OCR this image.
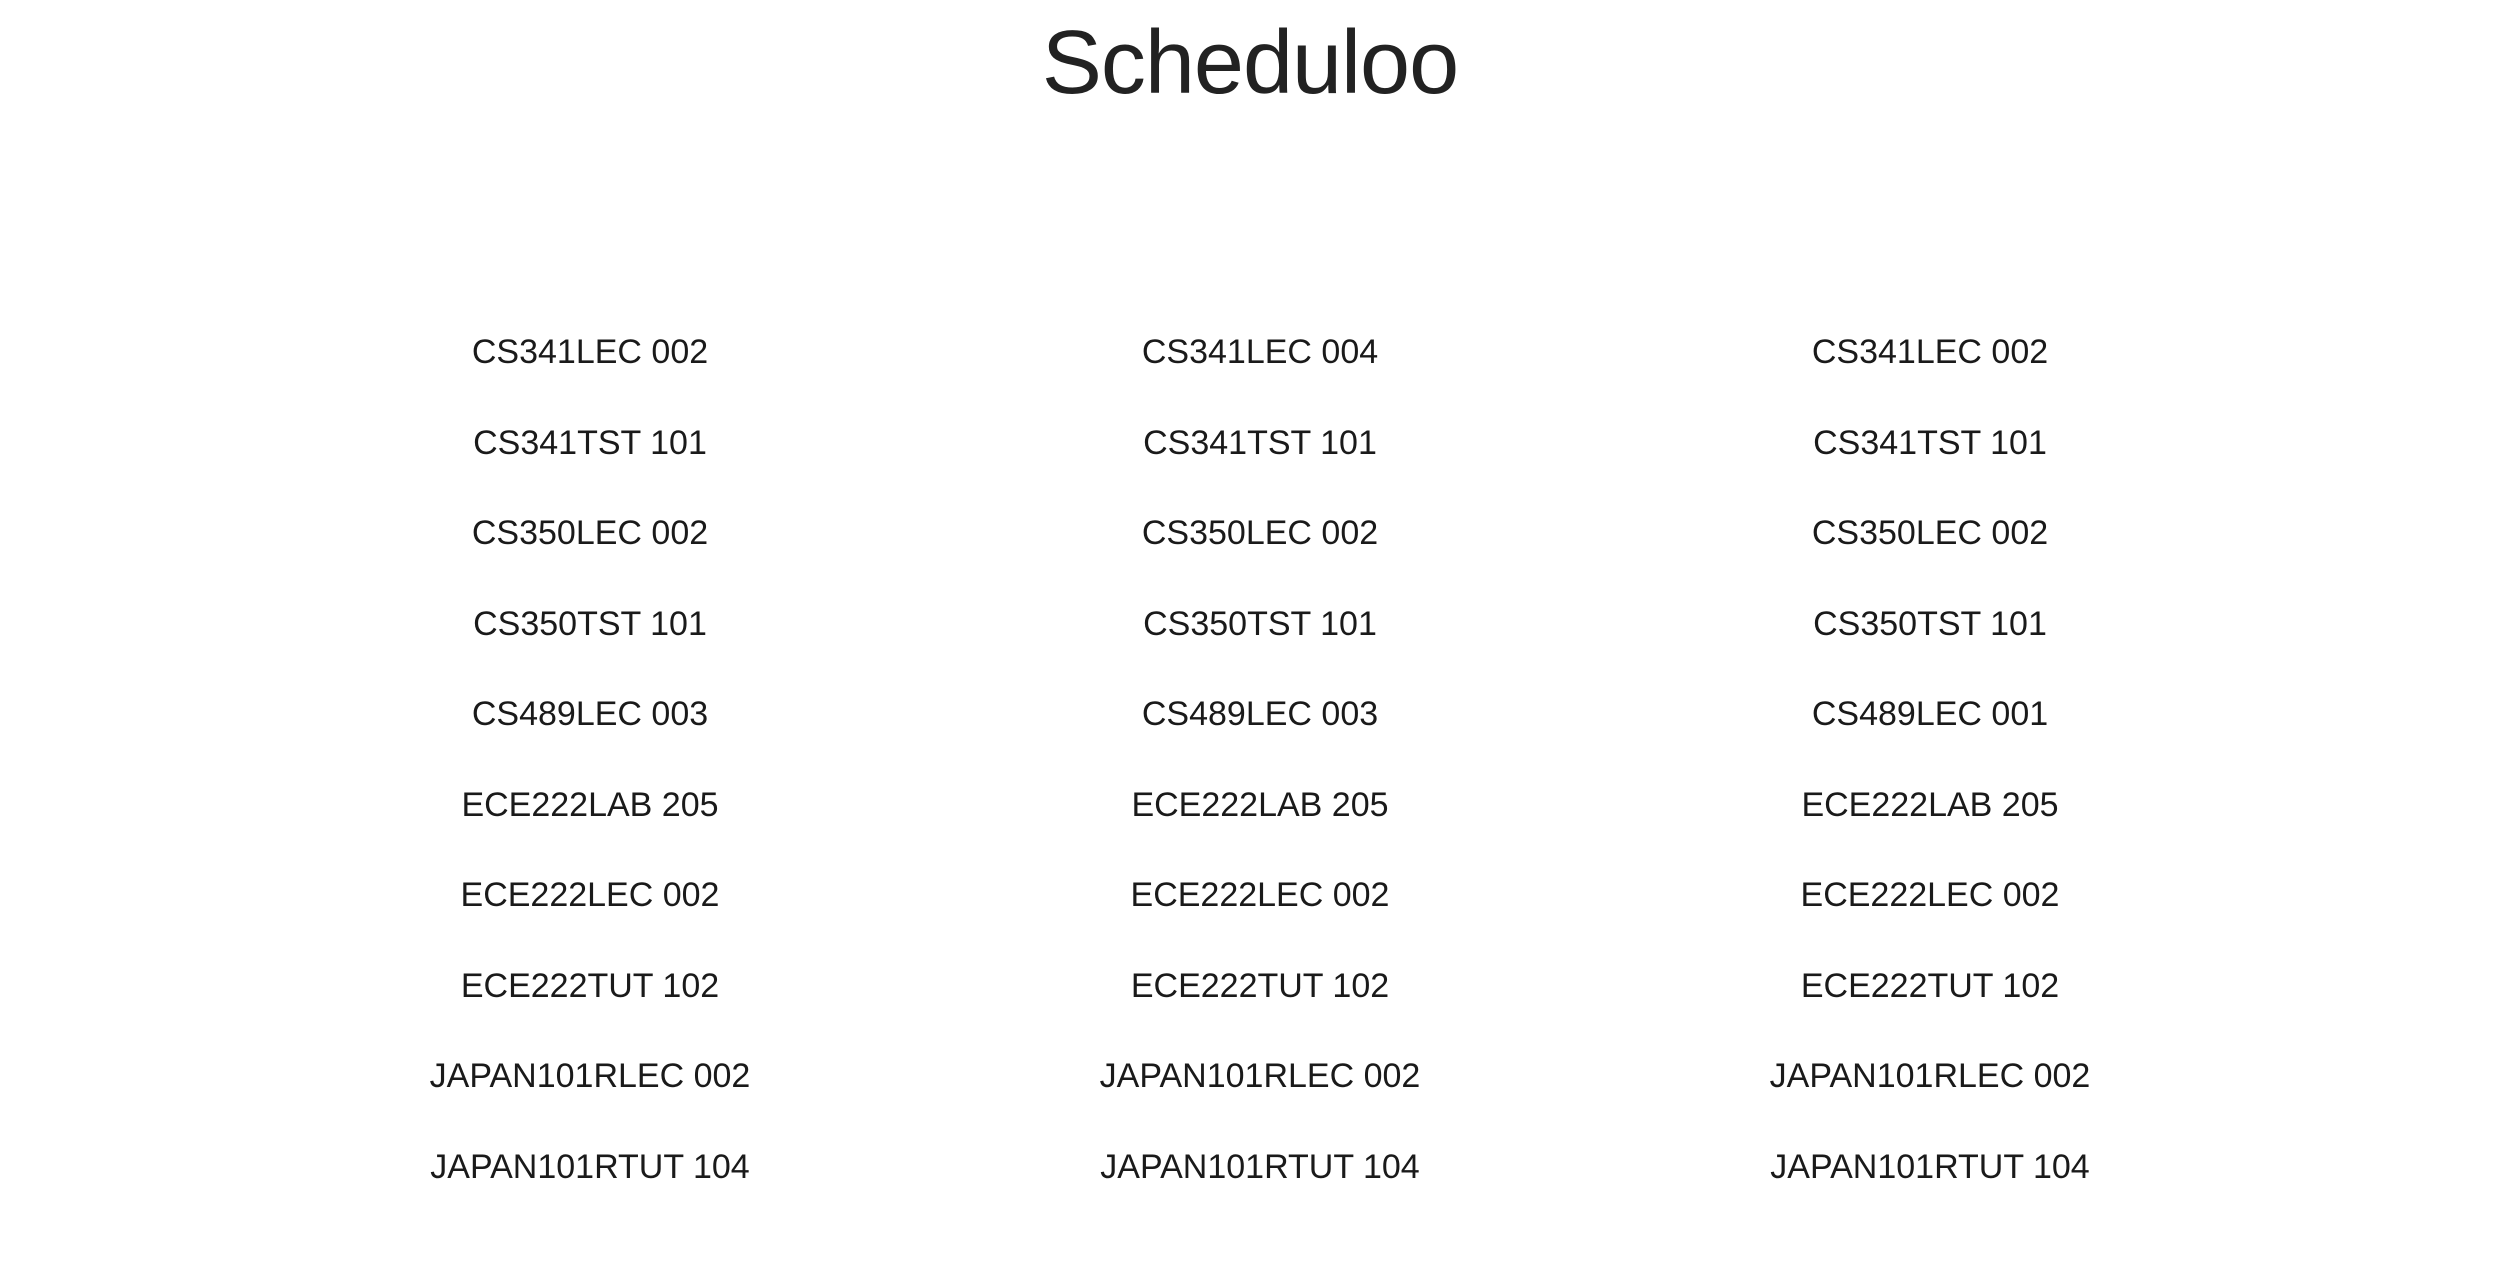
Scheduloo
CS341LEC 002
CS341TST 101
CS350LEC 002
CS350TST 101
CS489LEC 003
ECE222LAB 205
ECE222LEC 002
ECE222TUT 102
JAPAN101RLEC 002
JAPAN101RTUT 104
CS341LEC 004
CS341TST 101
CS350LEC 002
CS350TST 101
CS489LEC 003
ECE222LAB 205
ECE222LEC 002
ECE222TUT 102
JAPAN101RLEC 002
JAPAN101RTUT 104
CS341LEC 002
CS341TST 101
CS350LEC 002
CS350TST 101
CS489LEC 001
ECE222LAB 205
ECE222LEC 002
ECE222TUT 102
JAPAN101RLEC 002
JAPAN101RTUT 104
